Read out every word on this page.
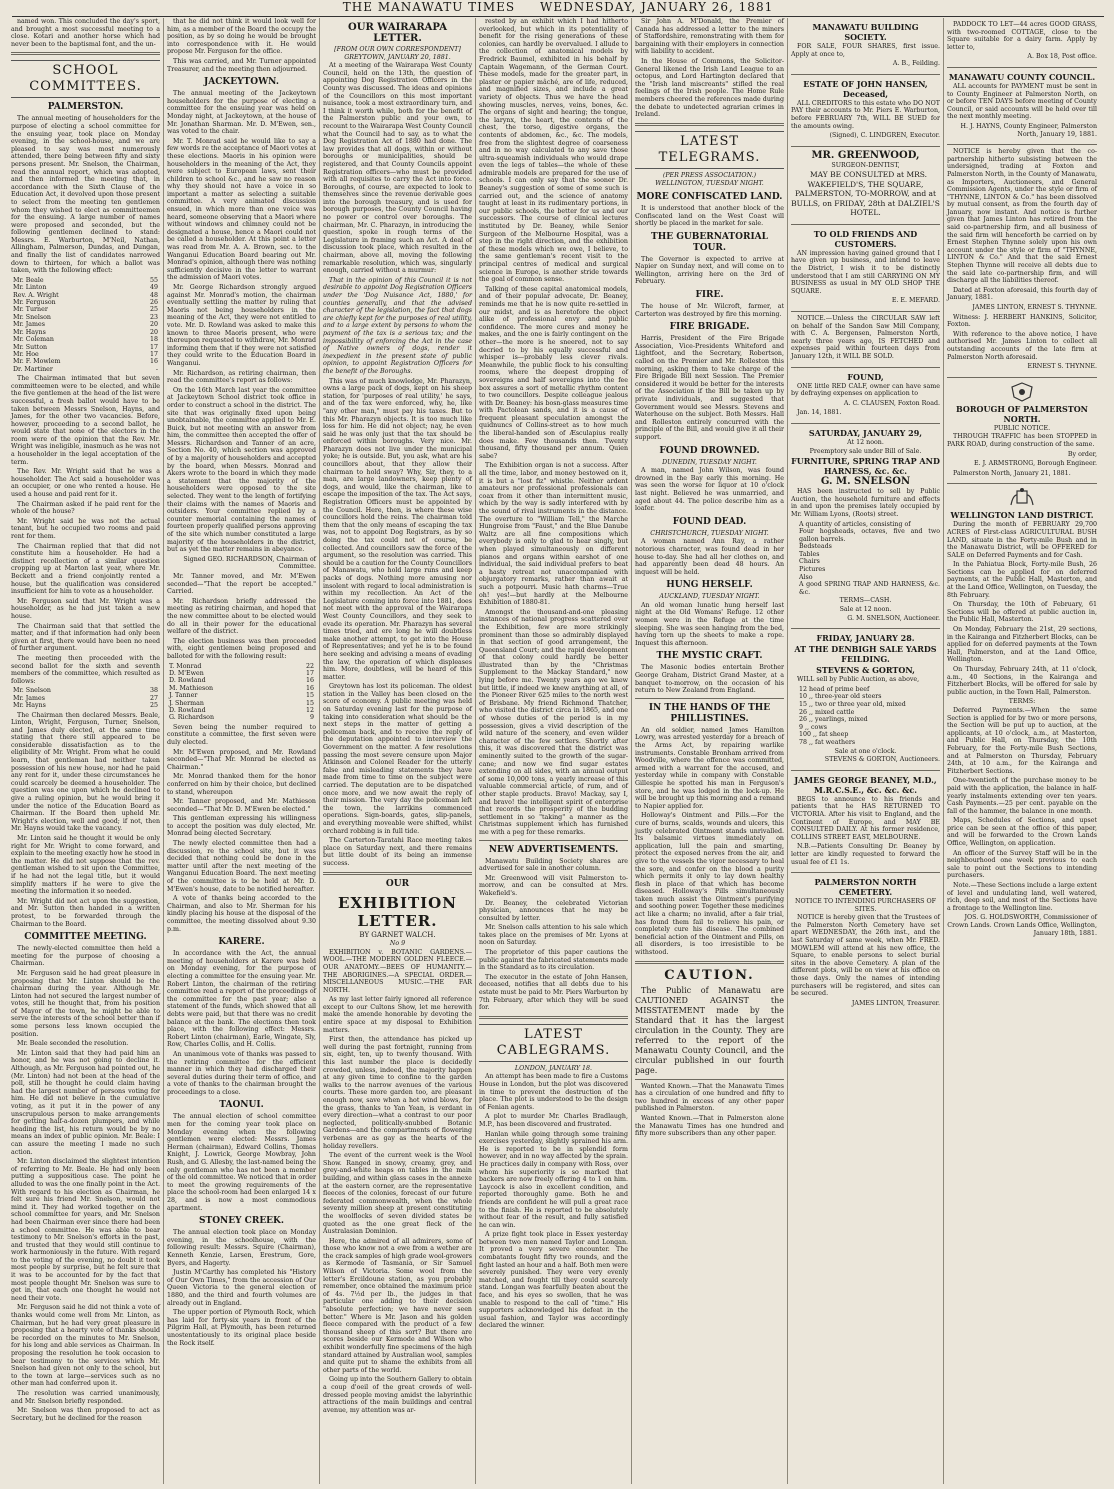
THE MANAWATU TIMES WEDNESDAY, JANUARY 26, 1881

named won. This concluded the day's sport, and brought a most successful meeting to a close. Kotari and another horse which had never been to the baptismal font, and the un-

SCHOOL COMMITTEES.
PALMERSTON.

The annual meeting of householders for the purpose of electing a school committee for the ensuing year, took place on Monday evening, in the school-house, and we are pleased to say was most numerously attended, there being between fifty and sixty persons present. Mr. Snelson, the Chairman, read the annual report, which was adopted, and then informed the meeting that, in accordance with the Sixth Clause of the Education Act, it devolved upon those present to select from the meeting ten gentlemen whom they wished to elect as committeemen for the ensuing. A large number of names were proposed and seconded, but the following gentlemen declined to stand: Messrs. E. Warburton, M'Neil, Nathan, Allingham, Palmerson, Dundas, and Dungan, and finally the list of candidates narrowed down to thirteen, for which a ballot was taken, with the following effect:

Mr. Beale	55
Mr. Linton	49
Rev. A. Wright	48
Mr. Ferguson	26
Mr. Turner	25
Mr. Snelson	23
Mr. James	20
Mr. Hayns	20
Mr. Coleman	18
Mr. Sutton	17
Mr. Hoe	17
Mr. F. Mowlem	16
Dr. Martiner	-

The Chairman intimated that but seven committeemen were to be elected, and while the five gentlemen at the head of the list were successful, a fresh ballot would have to be taken between Messrs Snelson, Hayns, and James, for the other two vacancies. Before, however, proceeding to a second ballot, he would state that none of the electors in the room were of the opinion that the Rev. Mr. Wright was ineligible, inasmuch as he was not a householder in the legal acceptation of the term.

The Rev. Mr. Wright said that he was a householder. The Act said a householder was an occupier, or one who rented a house. He used a house and paid rent for it.

The Chairman asked if he paid rent for the whole of the house?

Mr. Wright said he was not the actual tenant, but he occupied two rooms and paid rent for them.

The Chairman replied that that did not constitute him a householder. He had a distinct recollection of a similar question cropping up at Marton last year, where Mr. Beckett and a friend conjointly rented a house, but the qualification was considered insufficient for him to vote as a householder.

Mr. Ferguson said that Mr. Wright was a householder, as he had just taken a new house.

The Chairman said that that settled the matter, and if that information had only been given at first, there would have been no need of further argument.

The meeting then proceeded with the second ballot for the sixth and seventh members of the committee, which resulted as follows:

Mr. Snelson	38
Mr. James	27
Mr. Hayns	25

The Chairman then declared Messrs. Beale, Linton, Wright, Ferguson, Turner, Snelson, and James duly elected, at the same time stating that there still appeared to be considerable dissatisfaction as to the eligibility of Mr. Wright. From what he could learn, that gentleman had neither taken possession of his new house, nor had he paid any rent for it, under these circumstances he could scarcely be deemed a householder. The question was one upon which he declined to give a ruling opinion, but he would bring it under the notice of the Education Board as Chairman. If the Board then upheld Mr. Wright's election, well and good; if not, then Mr. Hayns would take the vacancy.

Mr. Linton said he thought it would be only right for Mr. Wright to come forward, and explain to the meeting exactly how he stood in the matter. He did not suppose that the rev. gentleman wished to sit upon the Committee, if he had not the legal title, but it would simplify matters if he were to give the meeting the information it so needed.

Mr. Wright did not act upon the suggestion, and Mr. Sutton then handed in a written protest, to be forwarded through the Chairman to the Board.

COMMITTEE MEETING.

The newly-elected committee then held a meeting for the purpose of choosing a Chairman.

Mr. Ferguson said he had great pleasure in proposing that Mr. Linton should be the chairman during the year. Although Mr. Linton had not secured the largest number of votes, still he thought that, from his position of Mayor of the town, he might be able to serve the interests of the school better than if some persons less known occupied the position.

Mr. Beale seconded the resolution.

Mr. Linton said that they had paid him an honor, and he was not going to decline it. Although, as Mr. Ferguson had pointed out, he (Mr. Linton) had not been at the head of the poll, still he thought he could claim having had the largest number of persons voting for him. He did not believe in the cumulative voting, as it put it in the power of any unscrupulous person to make arrangements for getting half-a-dozen plumpers, and while heading the list, his return would be by no means an index of public opinion. Mr. Beale: I can assure the meeting I made no such action.

Mr. Linton disclaimed the slightest intention of referring to Mr. Beale. He had only been putting a suppositious case. The point he alluded to was the one finally point in the Act. With regard to his election as Chairman, he felt sure his friend Mr. Snelson, would not mind it. They had worked together on the school committee for years, and Mr. Snelson had been Chairman ever since there had been a school committee. He was able to bear testimony to Mr. Snelson's efforts in the past, and trusted that they would still continue to work harmoniously in the future. With regard to the voting of the evening, no doubt it took most people by surprise, but he felt sure that it was to be accounted for by the fact that most people thought Mr. Snelson was sure to get in, that each one thought he would not need their vote.

Mr. Ferguson said he did not think a vote of thanks would come well from Mr. Linton, as Chairman, but he had very great pleasure in proposing that a hearty vote of thanks should be recorded on the minutes to Mr. Snelson, for his long and able services as Chairman. In proposing the resolution he took occasion to bear testimony to the services which Mr. Snelson had given not only to the school, but to the town at large—services such as no other man had conferred upon it.

The resolution was carried unanimously, and Mr. Snelson briefly responded.

Mr. Snelson was then proposed to act as Secretary, but he declined for the reason

that he did not think it would look well for him, as a member of the Board the occupy the position, as by so doing he would be brought into correspondence with it. He would propose Mr. Ferguson for the office.

This was carried, and Mr. Turner appointed Treasurer, and the meeting then adjourned.

JACKEYTOWN.

The annual meeting of the Jackeytown householders for the purpose of electing a committee for the ensuing year was held on Monday night, at Jackeytown, at the house of Mr. Jonathan Sharman. Mr. D. M'Ewen, sen., was voted to the chair.

Mr. T. Monrad said he would like to say a few words re the acceptance of Maori votes at these elections. Maoris in his opinion were householders in the meaning of the Act, they were subject to European laws, sent their children to school &c., and he saw no reason why they should not have a voice in so important a matter as selecting a suitable committee. A very animated discussion ensued, in which more than one voice was heard, someone observing that a Maori where without windows and chimney could not be designated a house, hence a Maori could not be called a householder. At this point a letter was read from Mr. A. A. Brown, sec. to the Wanganui Education Board bearing out Mr. Monrad's opinion, although there was nothing sufficiently decisive in the letter to warrant the admission of Maori votes.

Mr. George Richardson strongly argued against Mr. Monrad's motion, the chairman eventually settling the matter by ruling that Maoris not being householders in the meaning of the Act, they were not entitled to vote. Mr. D. Rowland was asked to make this known to three Maoris present, who were thereupon requested to withdraw, Mr. Monrad informing them that if they were not satisfied they could write to the Education Board in Wanganui.

Mr. Richardson, as retiring chairman, then read the committee's report as follows:

On the 16th March last year the committee at Jackeytown School district took office in order to construct a school in the district. The site that was originally fixed upon being unobtainable, the committee applied to Mr. E. Buick, but not meeting with an answer from him, the committee then accepted the offer of Messrs. Richardson and Tanner of an acre, Section No. 40, which section was approved of by a majority of householders and accepted by the board, when Messrs. Monrad and Akers wrote to the board in which they made a statement that the majority of the householders were opposed to the site selected. They went to the length of fortifying their claims with the names of Maoris and outsiders. Your committee replied by a counter memorial containing the names of fourteen properly qualified persons approving of the site which number constituted a large majority of the householders in the district, but as yet the matter remains in abeyance.

Signed GEO. RICHARDSON, Chairman of Committee.

Mr. Tanner moved, and Mr. M'Ewen seconded—"That the report be accepted." Carried.

Mr. Richardson briefly addressed the meeting as retiring chairman, and hoped that the new committee about to be elected would do all in their power for the educational welfare of the district.

The election business was then proceeded with, eight gentlemen being proposed and balloted for with the following result:

T. Monrad	22
D. M'Ewen	17
D. Rowland	16
M. Mathieson	16
J. Tanner	15
J. Sherman	15
D. Rowland	12
G. Richardson	9

Seven being the number required to constitute a committee, the first seven were duly elected.

Mr. M'Ewen proposed, and Mr. Rowland seconded—"That Mr. Monrad be elected as Chairman."

Mr. Monrad thanked them for the honor conferred on him by their choice, but declined to stand, whereupon

Mr. Tanner proposed, and Mr. Mathieson seconded—"That Mr. D. M'Ewen be elected."

This gentleman expressing his willingness to accept the position was duly elected, Mr. Monrad being elected Secretary.

The newly elected committee then had a discussion, re the school site, but it was decided that nothing could be done in the matter until after the next meeting of the Wanganui Education Board. The next meeting of the committee is to be held at Mr. D. M'Ewen's house, date to be notified hereafter.

A vote of thanks being accorded to the Chairman, and also to Mr. Sherman for his kindly placing his house at the disposal of the committee, the meeting dissolved about 9.30 p.m.

KARERE.

In accordance with the Act, the annual meeting of householders at Karere was held on Monday evening, for the purpose of electing a committee for the ensuing year. Mr. Robert Linton, the chairman of the retiring committee read a report of the proceedings of the committee for the past year; also a statement of the funds, which showed that all debts were paid, but that there was no credit balance at the bank. The elections then took place, with the following effect: Messrs. Robert Linton (chairman), Earle, Wingate, Sly, Row, Charles Collis, and H. Collis.

An unanimous vote of thanks was passed to the retiring committee for the efficient manner in which they had discharged their several duties during their term of office, and a vote of thanks to the chairman brought the proceedings to a close.

TAONUI.

The annual election of school committee men for the coming year took place on Monday evening when the following gentlemen were elected: Messrs. James Herman (chairman), Edward Collins, Thomas Knight, J. Lowrick, George Mowbray, John Rush, and G. Allesby, the last-named being the only gentleman who has not been a member of the old committee. We noticed that in order to meet the growing requirements of the place the school-room had been enlarged 14 x 28, and is now a most commodious apartment.

STONEY CREEK.

The annual election took place on Monday evening, in the schoolhouse, with the following result: Messrs. Squire (Chairman), Kenneth Kenzie, Larsen, Erestrum, Gore, Byers, and Hagerty.

Justin M'Carthy has completed his "History of Our Own Times," from the accession of Our Queen Victoria to the general election of 1880, and the third and fourth volumes are already out in England.

The upper portion of Plymouth Rock, which has laid for forty-six years in front of the Pilgrim Hall, at Plymouth, has been returned unostentatiously to its original place beside the Rock itself.

OUR WAIRARAPA LETTER.
[FROM OUR OWN CORRESPONDENT] GREYTOWN, JANUARY 20, 1881.

At a meeting of the Wairarapa West County Council, held on the 13th, the question of appointing Dog Registration Officers in the County was discussed. The ideas and opinions of the Councillors on this most important nuisance, took a most extraordinary turn, and I think it worth while, both for the benefit of the Palmerston public and your own, to recount to the Wairarapa West County Council what the Council had to say, as to what the Dog Registration Act of 1880 had done. The law provides that all dogs, within or without boroughs or municipalities, should be registered, and that County Councils appoint Registration officers—who must be provided with all requisites to carry the Act into force. Boroughs, of course, are expected to look to themselves since the revenue derivable goes into the borough treasury, and is used for borough purposes, the County Council having no power or control over boroughs. The chairman, Mr. C. Pharazyn, in introducing the question, spoke in rough terms of the Legislature in framing such an Act. A deal of discussion took place, which resulted in the chairman, above all, moving the following remarkable resolution, which was, singularly enough, carried without a murmur:

That in the opinion of this Council it is not desirable to appoint Dog Registration Officers under the 'Dog Nuisance Act, 1880,' for counties generally, and that the advised character of the legislation, the fact that dogs are chiefly kept for the purposes of real utility, and to a large extent by persons to whom the payment of the tax is a serious tax; and the impossibility of enforcing the Act in the case of Native owners of dogs, render it inexpedient in the present state of public opinion, to appoint Registration Officers for the benefit of the Boroughs.

This was of much knowledge, Mr. Pharazyn, owns a large pack of dogs, kept on his sheep station, for 'purposes of real utility,' he says, and of the tax were enforced, why, he, like "any other man," must pay his taxes. But to this Mr. Pharazyn objects. It is too much like loss for him. He did not object; nay, he even said he was only just that the tax should be enforced within boroughs. Very nice. Mr. Pharazyn does not live under the municipal yoke; he is outside. But, you ask, what are his councillors about, that they allow their chairman to hold sway? Why, Sir, they, to a man, are large landowners, keep plenty of dogs, and would, like the chairman, like to escape the imposition of the tax. The Act says, Registration Officers must be appointed by the Council. Here, then, is where these wise councillors hold the reins. The chairman told them that the only means of escaping the tax was, not to appoint Dog Registrars, as by so doing the tax could not of course, be collected. And councillors saw the force of the argument, so the resolution was carried. This should be a caution for the County Councillors of Manawatu, who hold large runs and keep packs of dogs. Nothing more amusing nor insolent with regard to local administration is within my recollection. An Act of the Legislature coming into force into 1881, does not meet with the approval of the Wairarapa West County Councillors, and they seek to evade its operation. Mr. Pharazyn has several times tried, and ere long he will doubtless make another attempt, to get into the House of Representatives; and yet he is to be found here seeking and advising a means of evading the law, the operation of which displeases him. More, doubtless, will be heard of this matter.

Greytown has lost its policeman. The oldest station in the Valley has been closed on the score of economy. A public meeting was held on Saturday evening last for the purpose of taking into consideration what should be the next steps in the matter of getting a policeman back, and to receive the reply of the deputation appointed to interview the Government on the matter. A few resolutions passing the most severe censure upon Major Atkinson and Colonel Reader for the utterly false and misleading statements they have made from time to time on the subject were carried. The deputation are to be dispatched once more, and we now await the reply of their mission. The very day the policeman left the town, the larrikins commenced operations. Sign-boards, gates, slip-panels, and everything moveable were shifted, whilst orchard robbing is in full tide.

The Carterton-Taratahi Race meeting takes place on Saturday next, and there remains but little doubt of its being an immense success.

OUR
EXHIBITION LETTER.
BY GARNET WALCH.
No 9

EXHIBITION v. BOTANIC GARDENS.—WOOL.—THE MODERN GOLDEN FLEECE.—OUR ANATOMY.—BEES OF HUMANITY.—THE ABORIGINES.—A SPECIAL ORDER.—MISCELLANEOUS MUSIC.—THE FAR NORTH.

As my last letter fairly ignored all reference except to our Cultons Show, let me herewith make the amende honorable by devoting the entire space at my disposal to Exhibition matters.

First then, the attendance has picked up well during the past fortnight, running from six, eight, ten, up to twenty thousand. With this last number the place is decidedly crowded, unless, indeed, the majority happen at any given time to confine to the garden walks to the narrow avenues of the various courts. These more garden too, are pleasant enough now, save when a hot wind blows, for the grass, thanks to Yan Yean, is verdant in every direction—what a contrast to our poor neglected, politically-snubbed Botanic Gardens—and the compartments of flowering verbenas are as gay as the hearts of the holiday revellers.

The event of the current week is the Wool Show. Ranged in snowy, creamy, grey, and grey-and-white heaps on tables in the main building, and within glass cases in the annexe at the eastern corner, are the representative fleeces of the colonies, forecast of our future federated commonwealth, when the whole seventy million sheep at present constituting the woolflocks of seven divided states be quoted as the one great fleck of the Australasian Dominion.

Here, the admired of all admirers, some of those who know not a ewe from a wether are the crack samples of high grade wool-growers as Kermode of Tasmania, or Sir Samuel Wilson of Victoria. Some wool from the letter's Ercildoune station, as you probably remember, once obtained the maximum price of 4s. 7½d per lb., the judges in that particular one adding to their decision "absolute perfection; we have never seen better." Where is Mr. Jason and his golden fleece compared with the product of a few thousand sheep of this sort? But there are scores beside our Kermode and Wilson who exhibit wonderfully fine specimens of the high standard attained by Australian wool, samples and quite put to shame the exhibits from all other parts of the world.

Going up into the Southern Gallery to obtain a coup d'oeil of the great crowds of well-dressed people moving amidst the labyrinthic attractions of the main buildings and central avenue, my attention was ar-

rested by an exhibit which I had hitherto overlooked, but which in its potentiality of benefit for the rising generations of these colonies, can hardly be overvalued. I allude to the collection of anatomical models by Fredrick Baumel, exhibited in his behalf by Captain Wagemann, of the German Court. These models, made for the greater part, in plaster or papier mâché, are of life, reduced, and magnified sizes, and include a great variety of objects. Thus we have the head showing muscles, nerves, veins, bones, &c. The organs of sight and hearing; the tongue, the larynx, the heart, the contents of the chest, the torso, digestive organs, the contents of abdomen, &c., &c. The models, free from the slightest degree of coarseness and in no way calculated to any save those ultra-squeamish individuals who would drape even the legs of tables—the whole of these admirable models are prepared for the use of schools. I can only say that the sooner Dr. Beaney's suggestion of some of some such is carried out, and the science of anatomy taught at least in its rudimentary portions, in our public schools, the better for us and our successors. The course of clinical lectures instituted by Dr. Beaney, while Senior Surgeon of the Melbourne Hospital, was a step in the right direction, and the exhibition of these models which we owe, I believe, to the same gentleman's recent visit to the principal centres of medical and surgical science in Europe, is another stride towards the goal of common sense.

Talking of these capital anatomical models, and of their popular advocate, Dr. Beaney, reminds me that he is now quite re-settled in our midst, and is as heretofore the object alike of professional envy and public confidence. The more cures and money he makes, and the one is fairly contingent on the other—the more is he sneered, not to say decried to by his equally successful and whisper is—probably less clever rivals. Meanwhile, the public flock to his consulting rooms, where the deepest dropping of sovereigns and half sovereigns into the fee box assures a sort of metallic rhythm content to two councillors. Despite colleague jealous with Dr. Beaney: his bosn-glass measures time with Pactolean sands, and it is a cause of frequent pleasant speculation amongst the quidnuncs of Collins-street as to how much the liberal-handed son of Æsculapius really does make. Few thousands then. Twenty thousand, fifty thousand per annum. Quien sabe?

The Exhibition organ is not a success. After all the time, labor, and money bestowed on it, it is but a "lost fiz" whistle. Neither ardent amateurs nor professional professionals can coax from it other than intermittent music, which by the way is sadly interfered with by the sound of rival instruments in the distance. The overture to "William Tell," the Marche Hungroise from "Faust," and the Blue Danube Waltz are all fine compositions which everybody is only to glad to hear singly, but when played simultaneously on different pianos and organs within earshot of one individual, the said individual prefers to beat a hasty retreat not unaccompanied with objurgatory remarks, rather than await at such a potpourri. Music hath charms—True oh! yes!—but hardly at the Melbourne Exhibition of 1880-81.

Amongst the thousand-and-one pleasing instances of national progress scattered over the Exhibition, few are more strikingly prominent than those so admirably displayed in that section of good arrangement, the Queensland Court; and the rapid development of that colony could hardly be better illustrated than by the "Christmas Supplement to the Mackay Standard," now lying before me. Twenty years ago we knew but little, if indeed we knew anything at all, of the Pioneer River 625 miles to the north west of Brisbane. My friend Richmond Thatcher, who visited the district circa in 1865, and one of whose duties of the period is in my possession, gives a vivid description of the wild nature of the scenery, and even wilder character of the few settlers. Shortly after this, it was discovered that the district was eminently suited to the growth of the sugar-cane; and now we find sugar estates extending on all sides, with an annual output of some 10,000 tons, a yearly increase of this valuable commercial article, of rum, and of other staple products. Bravo! Mackay, say I, and bravo! the intelligent spirit of enterprise that records the prosperity of the budding settlement in so "taking" a manner as the Christmas supplement which has furnished me with a peg for these remarks.

NEW ADVERTISEMENTS.

Manawatu Building Society shares are advertised for sale in another column.

Mr. Greenwood will visit Palmerston to-morrow, and can be consulted at Mrs. Wakefield's.

Dr. Beaney, the celebrated Victorian physician, announces that he may be consulted by letter.

Mr. Snelson calls attention to his sale which takes place on the premises of Mr. Lyons at noon on Saturday.

The proprietor of this paper cautions the public against the fabricated statements made in the Standard as to its circulation.

The executor in the estate of John Hansen, deceased, notifies that all debts due to his estate must be paid to Mr. Piers Warburton by 7th February, after which they will be sued for.

LATEST CABLEGRAMS.
LONDON, JANUARY 18.

An attempt has been made to fire a Customs House in London, but the plot was discovered in time to prevent the destruction of the place. The plot is understood to be the design of Fenian agents.

A plot to murder Mr. Charles Bradlaugh, M.P., has been discovered and frustrated.

Hanlan while going through some training exercises yesterday, slightly sprained his arm. He is reported to be in splendid form however, and in no way affected by the sprain. He practices daily in company with Ross, over whom his superiority is so marked that backers are now freely offering 4 to 1 on him. Laycock is also in excellent condition, and reported thoroughly game. Both he and friends are confident he will pull a great race to the finish. He is reported to be absolutely without fear of the result, and fully satisfied he can win.

A prize fight took place in Essex yesterday between two men named Taylor and Longan. It proved a very severe encounter. The combatants fought fifty two rounds, and the fight lasted an hour and a half. Both men were severely punished. They were very evenly matched, and fought till they could scarcely stand. Longan was fearfully beaten about the face, and his eyes so swollen, that he was unable to respond to the call of "time." His supporters acknowledged his defeat in the usual fashion, and Taylor was accordingly declared the winner.

Sir John A. M'Donald, the Premier of Canada has addressed a letter to the miners of Staffordshire, remonstrating with them for bargaining with their employers in connection with liability to accident.

In the House of Commons, the Solicitor-General likened the Irish Land League to an octopus, and Lord Hartington declared that the "Irish land miscreants" stifled the real feelings of the Irish people. The Home Rule members cheered the references made during the debate to undetected agrarian crimes in Ireland.

LATEST TELEGRAMS.
(PER PRESS ASSOCIATION.)
WELLINGTON, TUESDAY NIGHT.
MORE CONFISCATED LAND.

It is understood that another block of the Confiscated land on the West Coast will shortly be placed in the market for sale.

THE GUBERNATORIAL TOUR.

The Governor is expected to arrive at Napier on Sunday next, and will come on to Wellington, arriving here on the 3rd of February.

FIRE.

The house of Mr. Wilcroft, farmer, at Carterton was destroyed by fire this morning.

FIRE BRIGADE.

Harris, President of the Fire Brigade Association, Vice-Presidents Whiteford and Lightfoot, and the Secretary, Robertson, called on the Premier and Mr. Rolleston this morning, asking them to take charge of the Fire Brigade Bill next Session. The Premier considered it would be better for the interests of the Association if the Bill be taken up by private individuals, and suggested that Government would see Messrs. Stevens and Waterhouse on the subject. Both Messrs. Hall and Rolleston entirely concurred with the principle of the Bill, and would give it all their support.

FOUND DROWNED.
DUNEDIN, TUESDAY NIGHT.

A man, named John Wilson, was found drowned in the Bay early this morning. He was seen the worse for liquor at 10 o'clock last night. Believed he was unmarried, and aged about 44. The police describe him as a loafer.

FOUND DEAD.
CHRISTCHURCH, TUESDAY NIGHT.

A woman named Ann Ray, a rather notorious character, was found dead in her house to-day. She had all her clothes on, and had apparently been dead 48 hours. An inquest will be held.

HUNG HERSELF.
AUCKLAND, TUESDAY NIGHT.

An old woman lunatic hung herself last night at the Old Womans' Refuge. 12 other women were in the Refuge at the time sleeping. She was seen hanging from the bed, having torn up the sheets to make a rope. Inquest this afternoon.

THE MYSTIC CRAFT.

The Masonic bodies entertain Brother George Graham, District Grand Master, at a banquet to-morrow, on the occasion of his return to New Zealand from England.

IN THE HANDS OF THE PHILLISTINES.

An old soldier, named James Hamilton Lowry, was arrested yesterday for a breach of the Arms Act, by repairing warlike instruments. Constable Bronham arrived from Woodville, where the offence was committed, armed with a warrant for the accused, and yesterday while in company with Constable Gillespie he spotted his man in Ferguson's store, and he was lodged in the lock-up. He will be brought up this morning and a remand to Napier applied for.

Holloway's Ointment and Pills.—For the cure of burns, scalds, wounds and ulcers, this justly celebrated Ointment stands unrivalled. Its balsamic virtues immediately on application, lull the pain and smarting, protect the exposed nerves from the air, and give to the vessels the vigor necessary to heal the sore, and confer on the blood a purity which permits it only to lay down healthy flesh in place of that which has become diseased. Holloway's Pills simultaneously taken much assist the Ointment's purifying and soothing power. Together these medicines act like a charm; no invalid, after a fair trial, has found them fail to relieve his pain, or completely cure his disease. The combined beneficial action of the Ointment and Pills, on all disorders, is too irresistible to be withstood.

CAUTION.

The Public of Manawatu are CAUTIONED AGAINST the MISSTATEMENT made by the Standard that it has the largest circulation in the County. They are referred to the report of the Manawatu County Council, and the circular published in our fourth page.

Wanted Known.—That the Manawatu Times has a circulation of one hundred and fifty to two hundred in excess of any other paper published in Palmerston.

Wanted Known.—That in Palmerston alone the Manawatu Times has one hundred and fifty more subscribers than any other paper.

MANAWATU BUILDING SOCIETY.

FOR SALE, FOUR SHARES, first issue. Apply at once to,

A. B., Feilding.

ESTATE OF JOHN HANSEN, Deceased,

ALL CREDITORS to this estate who DO NOT PAY their accounts to Mr. Piers E. Warburton, before FEBRUARY 7th, WILL BE SUED for the amounts owing.

(Signed), C. LINDGREN, Executor.

MR. GREENWOOD,
SURGEON-DENTIST,

MAY BE CONSULTED at MRS. WAKEFIELD'S, THE SQUARE, PALMERSTON, TO-MORROW, and at BULLS, on FRIDAY, 28th at DALZIEL'S HOTEL.

TO OLD FRIENDS AND CUSTOMERS.

AN impression having gained ground that I have given up business, and intend to leave the District, I wish it to be distinctly understood that I am still CARRYING ON MY BUSINESS as usual in MY OLD SHOP THE SQUARE.

E. E. MEFARD.

NOTICE.—Unless the CIRCULAR SAW left on behalf of the Sandon Saw Mill Company, with C. A. Bergensen, Palmerston North, nearly three years ago, IS FETCHED and expenses paid within fourteen days from January 12th, it WILL BE SOLD.

FOUND,

ONE little RED CALF, owner can have same by defraying expenses on application to

A. C. CLAUSEN, Foxton Road.

Jan. 14, 1881.

SATURDAY, JANUARY 29,
At 12 noon.
Preemptory sale under Bill of Sale.
FURNITURE, SPRING TRAP AND HARNESS, &c. &c.
G. M. SNELSON

HAS been instructed to sell by Public Auction, the household furniture and effects in and upon the premises lately occupied by Mr. William Lyons, (Roots) street.

A quantity of articles, consisting of
Four hogsheads, octaves, five and two gallon barrels.
Bedsteads
Tables
Chairs
Pictures
Also
A good SPRING TRAP AND HARNESS, &c. &c.
TERMS—CASH.
Sale at 12 noon.

G. M. SNELSON, Auctioneer.

FRIDAY, JANUARY 28.
AT THE DENBIGH SALE YARDS FEILDING.
STEVENS & GORTON,

WILL sell by Public Auction, as above,

12 head of prime beef
10 ,, three-year old steers
15 ,, two or three year old, mixed
26 ,, mixed cattle
26 ,, yearlings, mixed
9 ,, cows
100 ,, fat sheep
78 ,, fat weathers
Sale at one o'clock.

STEVENS & GORTON, Auctioneers.

JAMES GEORGE BEANEY, M.D., M.R.C.S.E., &c. &c. &c.

BEGS to announce to his friends and patients that he HAS RETURNED TO VICTORIA. After his visit to England, and the Continent of Europe, and MAY BE CONSULTED DAILY. At his former residence, COLLINS STREET EAST, MELBOURNE.

N.B.—Patients Consulting Dr. Beaney by letter are kindly requested to forward the usual fee of £1 1s.

PALMERSTON NORTH CEMETERY.
NOTICE TO INTENDING PURCHASERS OF SITES.

NOTICE is hereby given that the Trustees of the Palmerston North Cemetery have set apart WEDNESDAY, the 26th inst., and the last Saturday of same week, when Mr. FRED. MOWLEM will attend at his new office, the Square, to enable persons to select burial sites in the above Cemetery. A plan of the different plots, will be on view at his office on those days. Only the names of intending purchasers will be registered, and sites can be secured.

JAMES LINTON, Treasurer.

PADDOCK TO LET—44 acres GOOD GRASS, with two-roomed COTTAGE, close to the Square suitable for a dairy farm. Apply by letter to,

A. Box 18, Post office.

MANAWATU COUNTY COUNCIL.

ALL accounts for PAYMENT must be sent in to County Engineer at Palmerston North, on or before TEN DAYS before meeting of County Council, or said accounts will be held over till the next monthly meeting.

H. J. HAYNS, County Engineer, Palmerston North, January 19, 1881.

NOTICE is hereby given that the co-partnership hitherto subsisting between the undersigned, trading at Foxton and Palmerston North, in the County of Manawatu, as Importers, Auctioneers, and General Commission Agents, under the style or firm of "THYNNE, LINTON & Co." has been dissolved by mutual consent, as from the fourth day of January, now instant. And notice is further given that James Linton has retired from the said co-partnership firm, and all business of the said firm will henceforth be carried on by Ernest Stephen Thynne solely upon his own account under the style or firm of "THYNNE, LINTON & Co." And that the said Ernest Stephen Thynne will receive all debts due to the said late co-partnership firm, and will discharge all the liabilities thereof.

Dated at Foxton aforesaid, this fourth day of January, 1881.

JAMES LINTON, ERNEST S. THYNNE.

Witness: J. HERBERT HANKINS, Solicitor, Foxton.

With reference to the above notice, I have authorised Mr. James Linton to collect all outstanding accounts of the late firm at Palmerston North aforesaid.

ERNEST S. THYNNE.

BOROUGH OF PALMERSTON NORTH.
PUBLIC NOTICE.

THROUGH TRAFFIC has been STOPPED in PARK ROAD, during construction of the same.

By order,

E. J. ARMSTRONG, Borough Engineer.

Palmerston North, January 21, 1881.

WELLINGTON LAND DISTRICT.

During the month of FEBRUARY 29,700 ACRES of First-class AGRICULTURAL BUSH LAND, situate in the Forty-mile Bush and in the Manawatu District, will be OFFERED for SALE on Deferred Payments and for Cash.

In the Pahiatua Block, Forty-mile Bush, 26 Sections can be applied for on deferred payments, at the Public Hall, Masterton, and at the Land Office, Wellington, on Tuesday, the 8th February.

On Thursday, the 10th of February, 61 Sections will be offered at public auction in, the Public Hall, Masterton.

On Monday, February the 21st, 29 sections, in the Kairanga and Fitzherbert Blocks, can be applied for on deferred payments at the Town Hall, Palmerston, and at the Land Office, Wellington.

On Thursday, February 24th, at 11 o'clock, a.m., 40 Sections, in the Kairanga and Fitzherbert Blocks, will be offered for sale by public auction, in the Town Hall, Palmerston.

TERMS:

Deferred Payments.—When the same Section is applied for by two or more persons, the Section will be put up to auction, at the applicants, at 10 o'clock, a.m., at Masterton, and Public Hall, on Thursday, the 10th February, for the Forty-mile Bush Sections, and at Palmerston on Thursday, February 24th, at 10 a.m., for the Kairanga and Fitzherbert Sections.

One-twentieth of the purchase money to be paid with the application, the balance in half-yearly instalments extending over ten years. Cash Payments.—25 per cent. payable on the fall of the hammer, the balance in one month.

Maps, Schedules of Sections, and upset price can be seen at the office of this paper, and will be forwarded to the Crown Lands Office, Wellington, on application.

An officer of the Survey Staff will be in the neighbourhood one week previous to each sale to point out the Sections to intending purchasers.

Note.—These Sections include a large extent of level and undulating land, well watered, rich, deep soil, and most of the Sections have a frontage to the Wellington line.

JOS. G. HOLDSWORTH, Commissioner of Crown Lands. Crown Lands Office, Wellington, January 18th, 1881.
